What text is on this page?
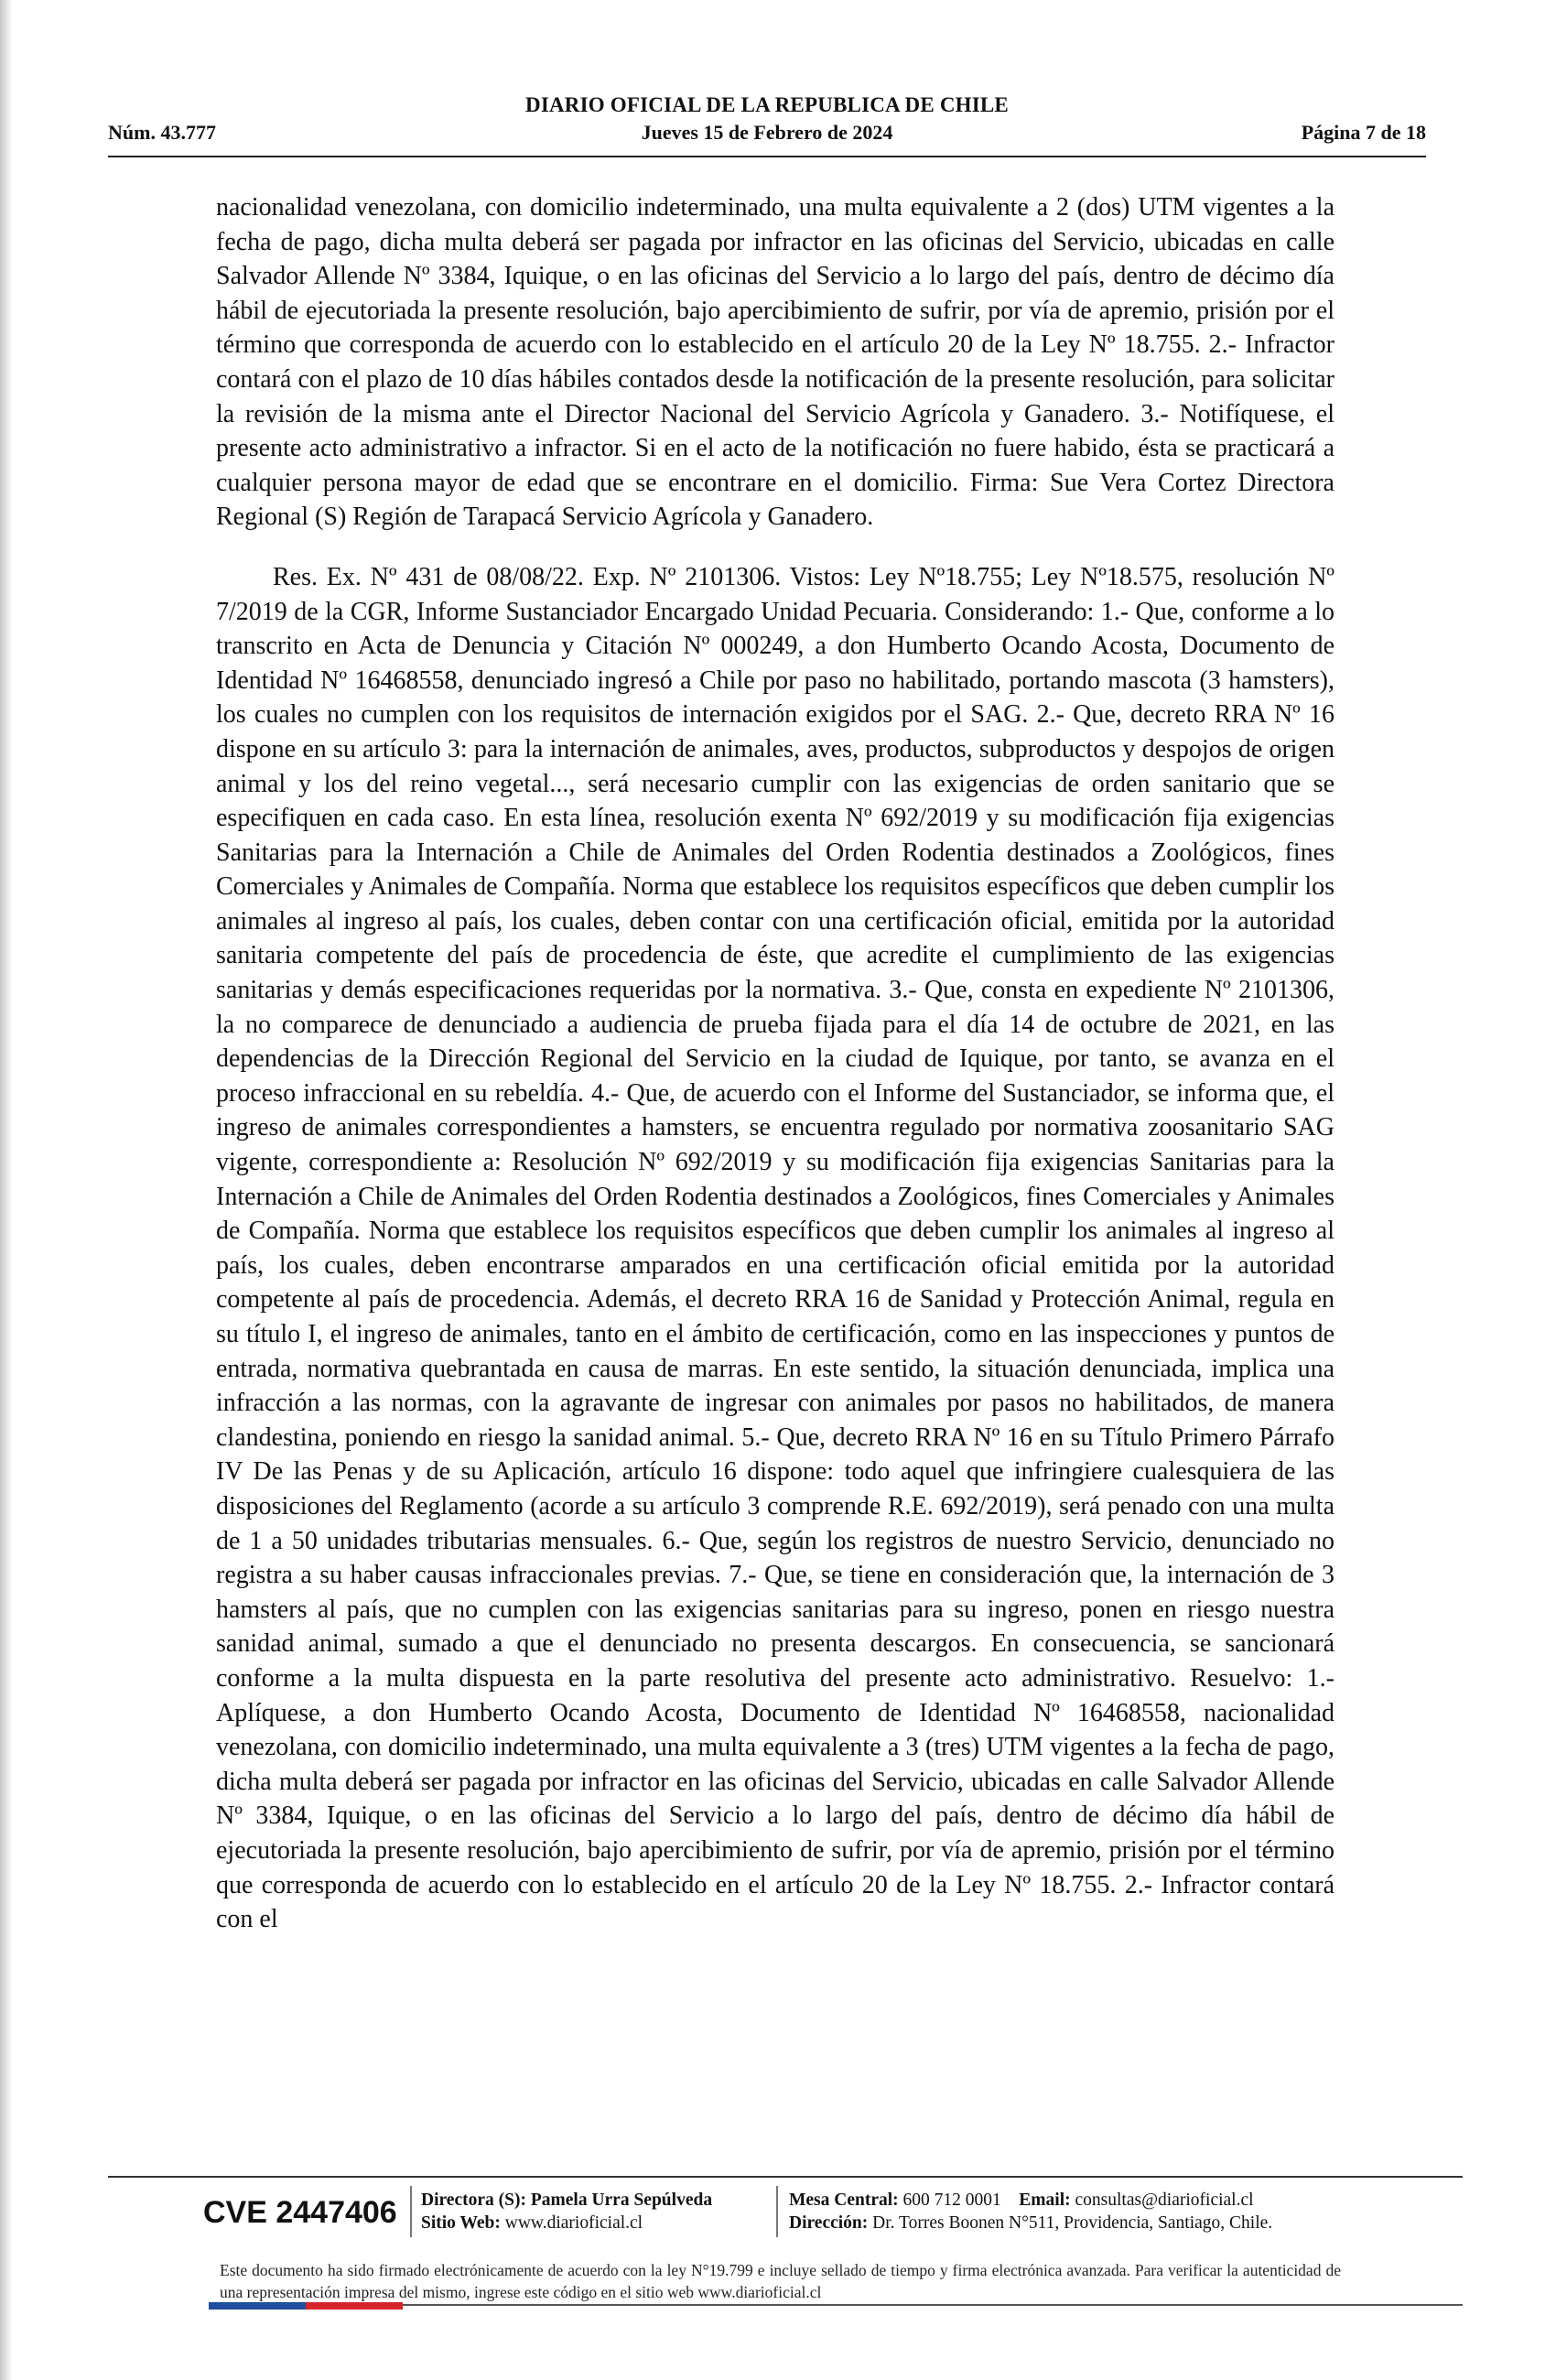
DIARIO OFICIAL DE LA REPUBLICA DE CHILE
Núm. 43.777	Jueves 15 de Febrero de 2024	Página 7 de 18

nacionalidad venezolana, con domicilio indeterminado, una multa equivalente a 2 (dos) UTM vigentes a la fecha de pago, dicha multa deberá ser pagada por infractor en las oficinas del Servicio, ubicadas en calle Salvador Allende Nº 3384, Iquique, o en las oficinas del Servicio a lo largo del país, dentro de décimo día hábil de ejecutoriada la presente resolución, bajo apercibimiento de sufrir, por vía de apremio, prisión por el término que corresponda de acuerdo con lo establecido en el artículo 20 de la Ley Nº 18.755. 2.- Infractor contará con el plazo de 10 días hábiles contados desde la notificación de la presente resolución, para solicitar la revisión de la misma ante el Director Nacional del Servicio Agrícola y Ganadero. 3.- Notifíquese, el presente acto administrativo a infractor. Si en el acto de la notificación no fuere habido, ésta se practicará a cualquier persona mayor de edad que se encontrare en el domicilio. Firma: Sue Vera Cortez Directora Regional (S) Región de Tarapacá Servicio Agrícola y Ganadero.

Res. Ex. Nº 431 de 08/08/22. Exp. Nº 2101306. Vistos: Ley Nº18.755; Ley Nº18.575, resolución Nº 7/2019 de la CGR, Informe Sustanciador Encargado Unidad Pecuaria. Considerando: 1.- Que, conforme a lo transcrito en Acta de Denuncia y Citación Nº 000249, a don Humberto Ocando Acosta, Documento de Identidad Nº 16468558, denunciado ingresó a Chile por paso no habilitado, portando mascota (3 hamsters), los cuales no cumplen con los requisitos de internación exigidos por el SAG. 2.- Que, decreto RRA Nº 16 dispone en su artículo 3: para la internación de animales, aves, productos, subproductos y despojos de origen animal y los del reino vegetal..., será necesario cumplir con las exigencias de orden sanitario que se especifiquen en cada caso. En esta línea, resolución exenta Nº 692/2019 y su modificación fija exigencias Sanitarias para la Internación a Chile de Animales del Orden Rodentia destinados a Zoológicos, fines Comerciales y Animales de Compañía. Norma que establece los requisitos específicos que deben cumplir los animales al ingreso al país, los cuales, deben contar con una certificación oficial, emitida por la autoridad sanitaria competente del país de procedencia de éste, que acredite el cumplimiento de las exigencias sanitarias y demás especificaciones requeridas por la normativa. 3.- Que, consta en expediente Nº 2101306, la no comparece de denunciado a audiencia de prueba fijada para el día 14 de octubre de 2021, en las dependencias de la Dirección Regional del Servicio en la ciudad de Iquique, por tanto, se avanza en el proceso infraccional en su rebeldía. 4.- Que, de acuerdo con el Informe del Sustanciador, se informa que, el ingreso de animales correspondientes a hamsters, se encuentra regulado por normativa zoosanitario SAG vigente, correspondiente a: Resolución Nº 692/2019 y su modificación fija exigencias Sanitarias para la Internación a Chile de Animales del Orden Rodentia destinados a Zoológicos, fines Comerciales y Animales de Compañía. Norma que establece los requisitos específicos que deben cumplir los animales al ingreso al país, los cuales, deben encontrarse amparados en una certificación oficial emitida por la autoridad competente al país de procedencia. Además, el decreto RRA 16 de Sanidad y Protección Animal, regula en su título I, el ingreso de animales, tanto en el ámbito de certificación, como en las inspecciones y puntos de entrada, normativa quebrantada en causa de marras. En este sentido, la situación denunciada, implica una infracción a las normas, con la agravante de ingresar con animales por pasos no habilitados, de manera clandestina, poniendo en riesgo la sanidad animal. 5.- Que, decreto RRA Nº 16 en su Título Primero Párrafo IV De las Penas y de su Aplicación, artículo 16 dispone: todo aquel que infringiere cualesquiera de las disposiciones del Reglamento (acorde a su artículo 3 comprende R.E. 692/2019), será penado con una multa de 1 a 50 unidades tributarias mensuales. 6.- Que, según los registros de nuestro Servicio, denunciado no registra a su haber causas infraccionales previas. 7.- Que, se tiene en consideración que, la internación de 3 hamsters al país, que no cumplen con las exigencias sanitarias para su ingreso, ponen en riesgo nuestra sanidad animal, sumado a que el denunciado no presenta descargos. En consecuencia, se sancionará conforme a la multa dispuesta en la parte resolutiva del presente acto administrativo. Resuelvo: 1.- Aplíquese, a don Humberto Ocando Acosta, Documento de Identidad Nº 16468558, nacionalidad venezolana, con domicilio indeterminado, una multa equivalente a 3 (tres) UTM vigentes a la fecha de pago, dicha multa deberá ser pagada por infractor en las oficinas del Servicio, ubicadas en calle Salvador Allende Nº 3384, Iquique, o en las oficinas del Servicio a lo largo del país, dentro de décimo día hábil de ejecutoriada la presente resolución, bajo apercibimiento de sufrir, por vía de apremio, prisión por el término que corresponda de acuerdo con lo establecido en el artículo 20 de la Ley Nº 18.755. 2.- Infractor contará con el

CVE 2447406 Directora (S): Pamela Urra Sepúlveda
Sitio Web: www.diarioficial.cl
Mesa Central: 600 712 0001 Email: consultas@diarioficial.cl
Dirección: Dr. Torres Boonen N°511, Providencia, Santiago, Chile.
Este documento ha sido firmado electrónicamente de acuerdo con la ley N°19.799 e incluye sellado de tiempo y firma electrónica avanzada. Para verificar la autenticidad de una representación impresa del mismo, ingrese este código en el sitio web www.diarioficial.cl
